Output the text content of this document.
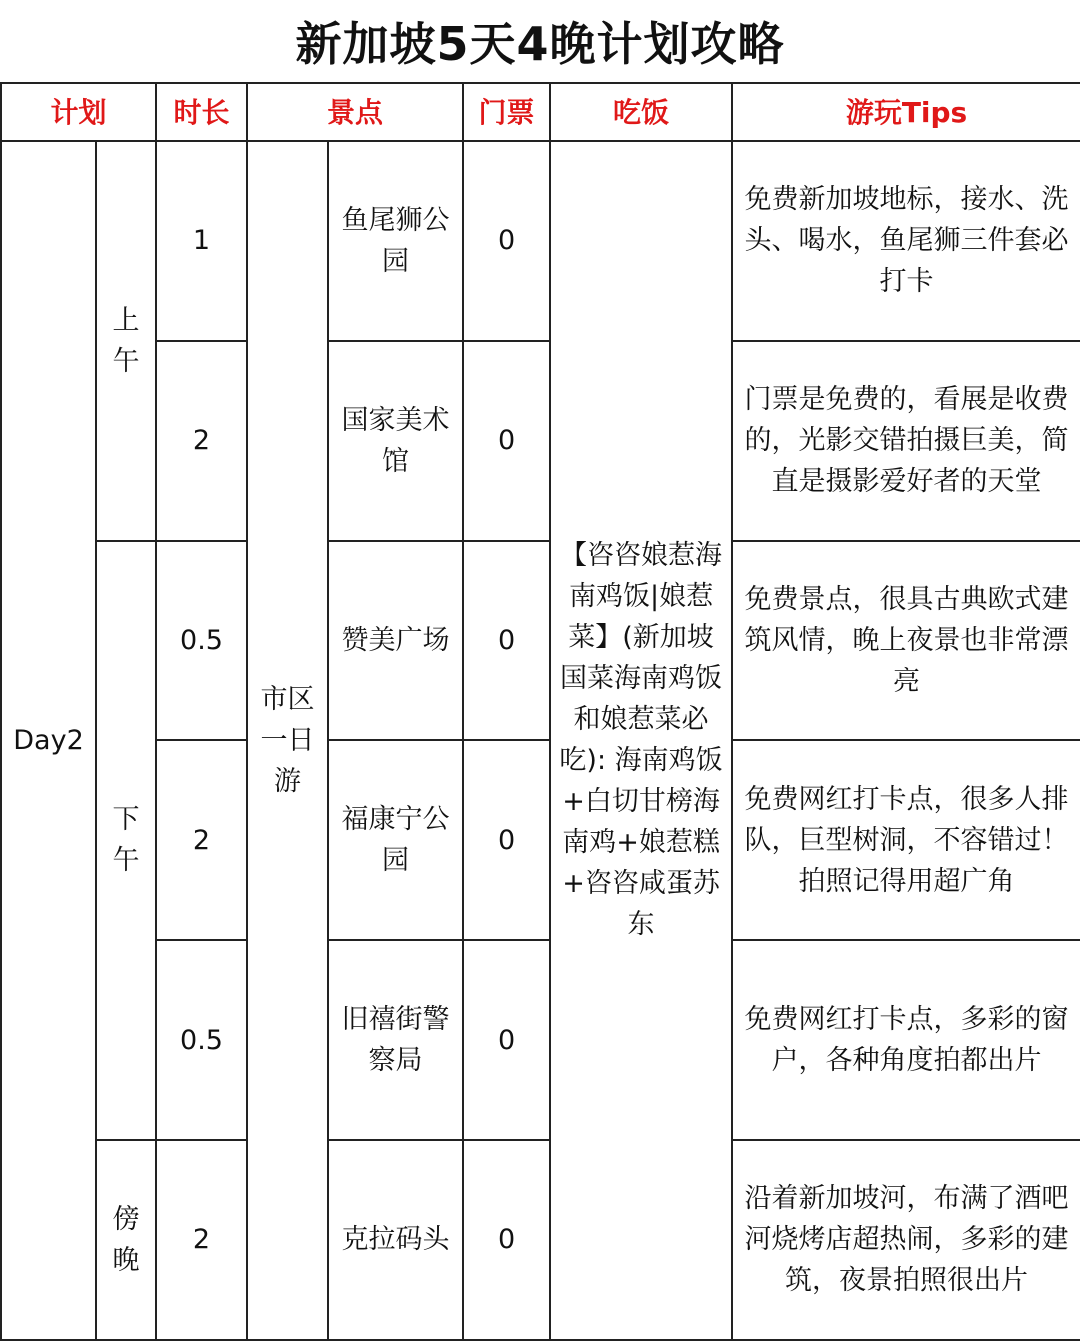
新加坡5天4晚计划攻略
计划		时长	景点		门票	吃饭	游玩Tips
Day2	上午	1	市区一日游	鱼尾狮公园	0	【咨咨娘惹海南鸡饭|娘惹菜】(新加坡国菜海南鸡饭和娘惹菜必吃): 海南鸡饭+白切甘榜海南鸡+娘惹糕+咨咨咸蛋苏东	免费新加坡地标，接水、洗头、喝水，鱼尾狮三件套必打卡
		2		国家美术馆	0		门票是免费的，看展是收费的，光影交错拍摄巨美，简直是摄影爱好者的天堂
	下午	0.5		赞美广场	0		免费景点，很具古典欧式建筑风情，晚上夜景也非常漂亮
		2		福康宁公园	0		免费网红打卡点，很多人排队，巨型树洞，不容错过！拍照记得用超广角
		0.5		旧禧街警察局	0		免费网红打卡点，多彩的窗户，各种角度拍都出片
	傍晚	2		克拉码头	0		沿着新加坡河，布满了酒吧河烧烤店超热闹，多彩的建筑，夜景拍照很出片
